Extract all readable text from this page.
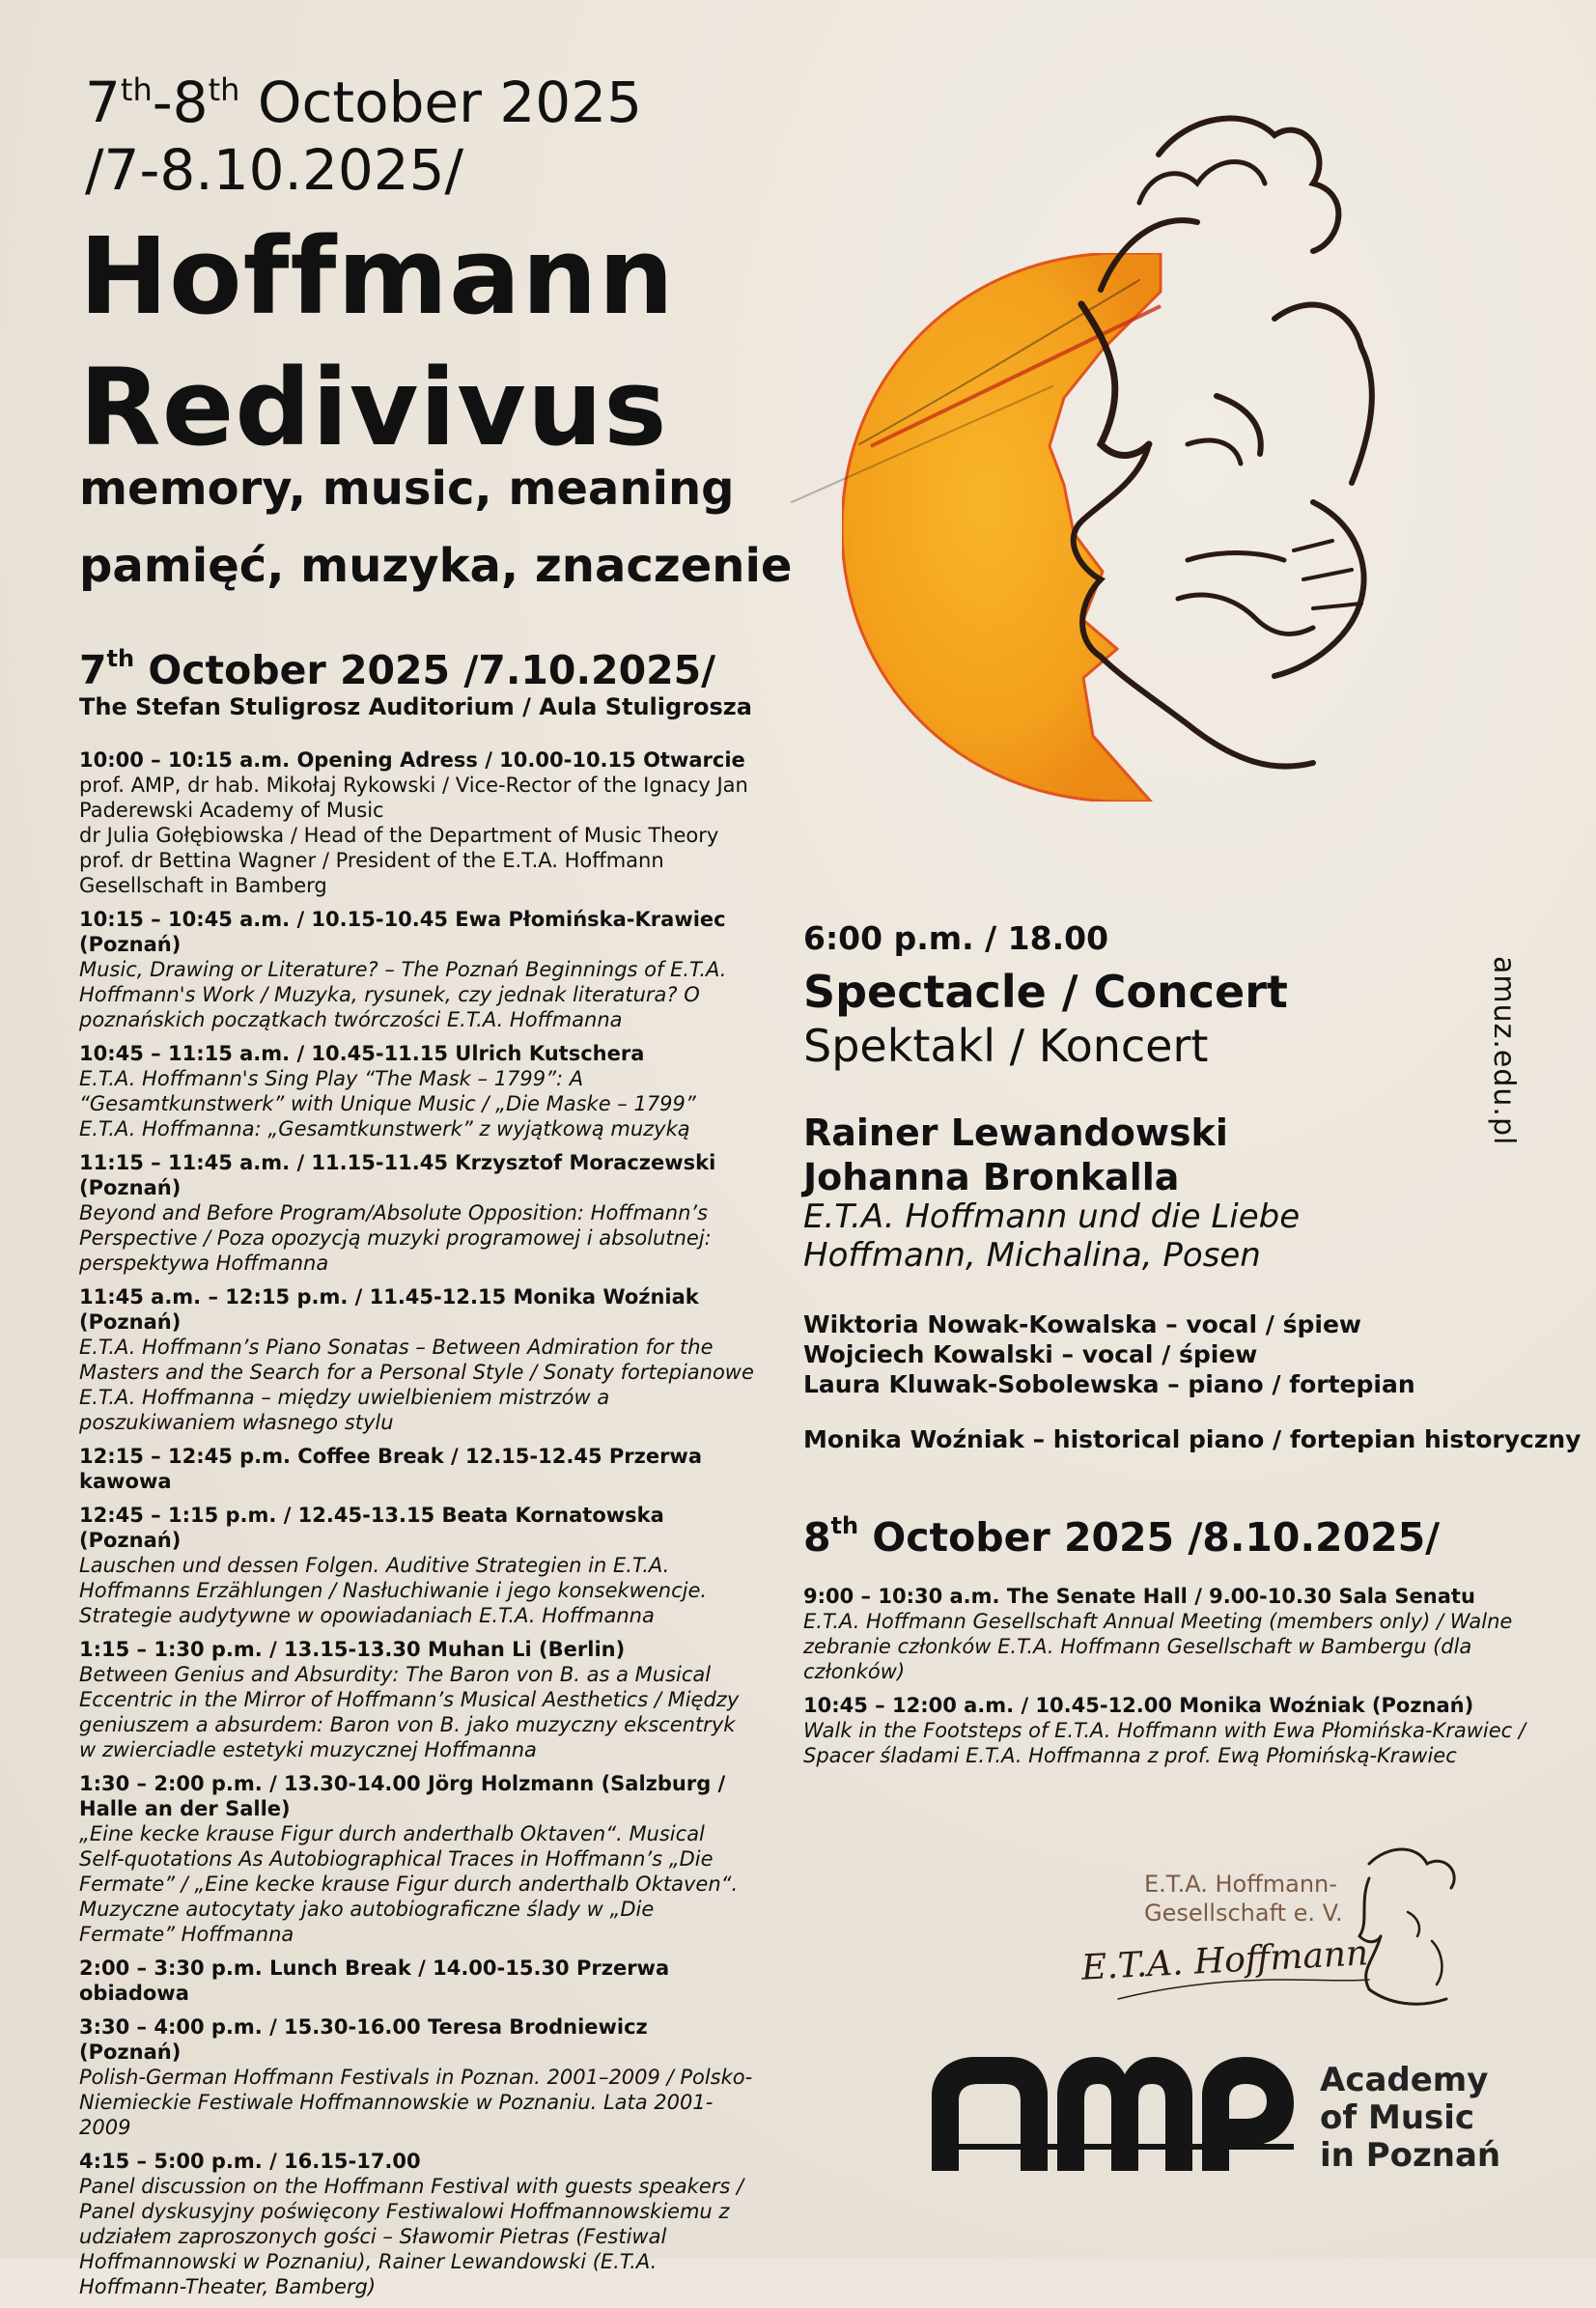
7th-8th October 2025
/7-8.10.2025/
Hoffmann
Redivivus
memory, music, meaning
pamięć, muzyka, znaczenie
7th October 2025 /7.10.2025/
The Stefan Stuligrosz Auditorium / Aula Stuligrosza
10:00 – 10:15 a.m. Opening Adress / 10.00-10.15 Otwarcie
prof. AMP, dr hab. Mikołaj Rykowski / Vice-Rector of the Ignacy Jan Paderewski Academy of Music
dr Julia Gołębiowska / Head of the Department of Music Theory
prof. dr Bettina Wagner / President of the E.T.A. Hoffmann Gesellschaft in Bamberg
10:15 – 10:45 a.m. / 10.15-10.45 Ewa Płomińska-Krawiec (Poznań)
Music, Drawing or Literature? – The Poznań Beginnings of E.T.A. Hoffmann's Work / Muzyka, rysunek, czy jednak literatura? O poznańskich początkach twórczości E.T.A. Hoffmanna
10:45 – 11:15 a.m. / 10.45-11.15 Ulrich Kutschera
E.T.A. Hoffmann's Sing Play “The Mask – 1799”: A “Gesamtkunstwerk” with Unique Music / „Die Maske – 1799” E.T.A. Hoffmanna: „Gesamtkunstwerk” z wyjątkową muzyką
11:15 – 11:45 a.m. / 11.15-11.45 Krzysztof Moraczewski (Poznań)
Beyond and Before Program/Absolute Opposition: Hoffmann’s Perspective / Poza opozycją muzyki programowej i absolutnej: perspektywa Hoffmanna
11:45 a.m. – 12:15 p.m. / 11.45-12.15 Monika Woźniak (Poznań)
E.T.A. Hoffmann’s Piano Sonatas – Between Admiration for the Masters and the Search for a Personal Style / Sonaty fortepianowe E.T.A. Hoffmanna – między uwielbieniem mistrzów a poszukiwaniem własnego stylu
12:15 – 12:45 p.m. Coffee Break / 12.15-12.45 Przerwa kawowa
12:45 – 1:15 p.m. / 12.45-13.15 Beata Kornatowska (Poznań)
Lauschen und dessen Folgen. Auditive Strategien in E.T.A. Hoffmanns Erzählungen / Nasłuchiwanie i jego konsekwencje. Strategie audytywne w opowiadaniach E.T.A. Hoffmanna
1:15 – 1:30 p.m. / 13.15-13.30 Muhan Li (Berlin)
Between Genius and Absurdity: The Baron von B. as a Musical Eccentric in the Mirror of Hoffmann’s Musical Aesthetics / Między geniuszem a absurdem: Baron von B. jako muzyczny ekscentryk w zwierciadle estetyki muzycznej Hoffmanna
1:30 – 2:00 p.m. / 13.30-14.00 Jörg Holzmann (Salzburg / Halle an der Salle)
„Eine kecke krause Figur durch anderthalb Oktaven“. Musical Self-quotations As Autobiographical Traces in Hoffmann’s „Die Fermate” / „Eine kecke krause Figur durch anderthalb Oktaven“. Muzyczne autocytaty jako autobiograficzne ślady w „Die Fermate” Hoffmanna
2:00 – 3:30 p.m. Lunch Break / 14.00-15.30 Przerwa obiadowa
3:30 – 4:00 p.m. / 15.30-16.00 Teresa Brodniewicz (Poznań)
Polish-German Hoffmann Festivals in Poznan. 2001–2009 / Polsko-Niemieckie Festiwale Hoffmannowskie w Poznaniu. Lata 2001-2009
4:15 – 5:00 p.m. / 16.15-17.00
Panel discussion on the Hoffmann Festival with guests speakers / Panel dyskusyjny poświęcony Festiwalowi Hoffmannowskiemu z udziałem zaproszonych gości – Sławomir Pietras (Festiwal Hoffmannowski w Poznaniu), Rainer Lewandowski (E.T.A. Hoffmann-Theater, Bamberg)
6:00 p.m. / 18.00
Spectacle / Concert
Spektakl / Koncert
Rainer Lewandowski
Johanna Bronkalla
E.T.A. Hoffmann und die Liebe
Hoffmann, Michalina, Posen
Wiktoria Nowak-Kowalska – vocal / śpiew
Wojciech Kowalski – vocal / śpiew
Laura Kluwak-Sobolewska – piano / fortepian
Monika Woźniak – historical piano / fortepian historyczny
8th October 2025 /8.10.2025/
9:00 – 10:30 a.m. The Senate Hall / 9.00-10.30 Sala Senatu
E.T.A. Hoffmann Gesellschaft Annual Meeting (members only) / Walne zebranie członków E.T.A. Hoffmann Gesellschaft w Bambergu (dla członków)
10:45 – 12:00 a.m. / 10.45-12.00 Monika Woźniak (Poznań)
Walk in the Footsteps of E.T.A. Hoffmann with Ewa Płomińska-Krawiec / Spacer śladami E.T.A. Hoffmanna z prof. Ewą Płomińską-Krawiec
amuz.edu.pl
E.T.A. Hoffmann-
Gesellschaft e. V.
E.T.A. Hoffmann
Academy
of Music
in Poznań
